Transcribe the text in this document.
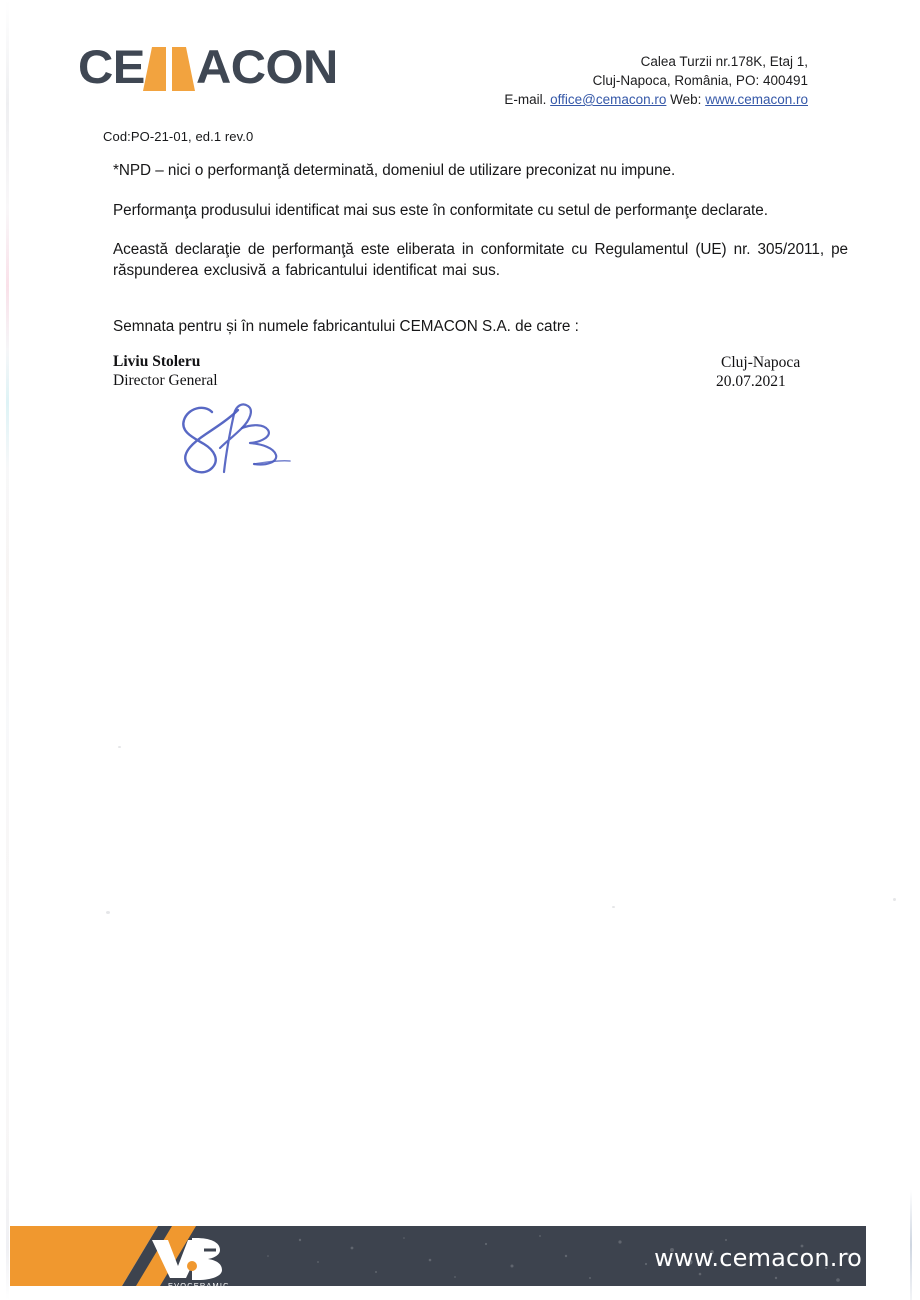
CE ACON	Calea Turzii nr.178K, Etaj 1,
Cluj-Napoca, România, PO: 400491
E-mail. office@cemacon.ro Web: www.cemacon.ro
Cod:PO-21-01, ed.1 rev.0

*NPD – nici o performanţă determinată, domeniul de utilizare preconizat nu impune.

Performanţa produsului identificat mai sus este în conformitate cu setul de performanţe declarate.

Această declaraţie de performanţă este eliberata in conformitate cu Regulamentul (UE) nr. 305/2011, pe răspunderea exclusivă a fabricantului identificat mai sus.

Semnata pentru și în numele fabricantului CEMACON S.A. de catre :
Liviu Stoleru
Director General
Cluj-Napoca
20.07.2021
EVOCERAMIC
www.cemacon.ro
